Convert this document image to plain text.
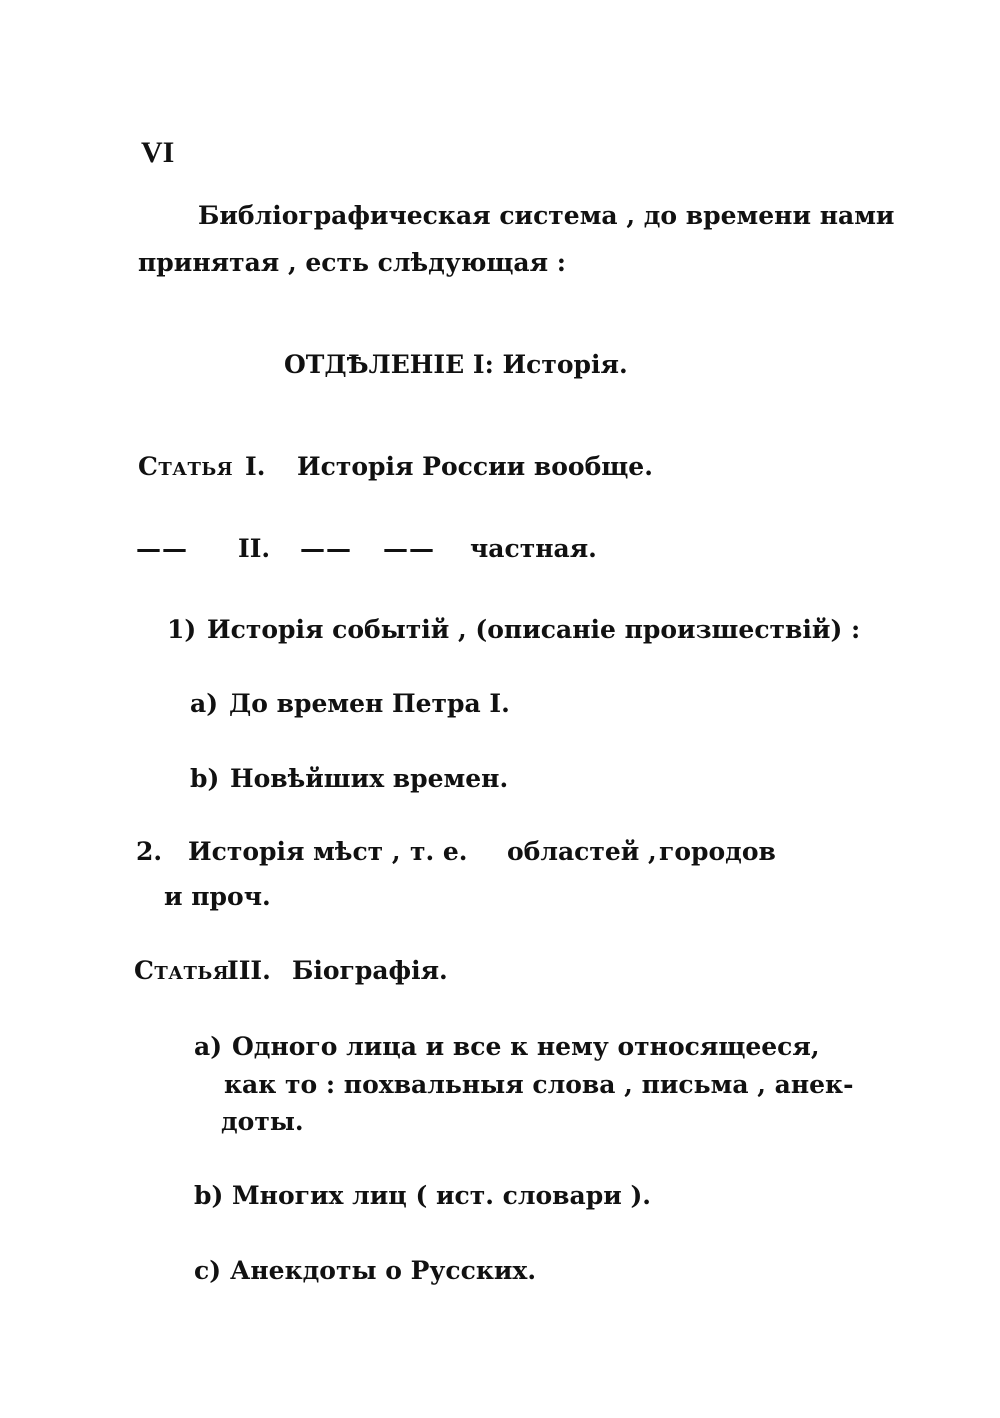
VI
Библіографическая система , до времени нами
принятая , есть слѣдующая :
ОТДѢЛЕНІЕ I: Исторія.
Статья I. Исторія России вообще.
—— II. —— —— частная.
1) Исторія событій , (описаніе произшествій) :
a) До времен Петра I.
b) Новѣйших времен.
2. Исторія мѣст , т. е. областей , городов
и проч.
Статья
III. Біографія.
a) Одного лица и все к нему относящееся,
как то : похвальныя слова , письма , анек-
доты.
b) Многих лиц ( ист. словари ).
c) Анекдоты о Русских.
